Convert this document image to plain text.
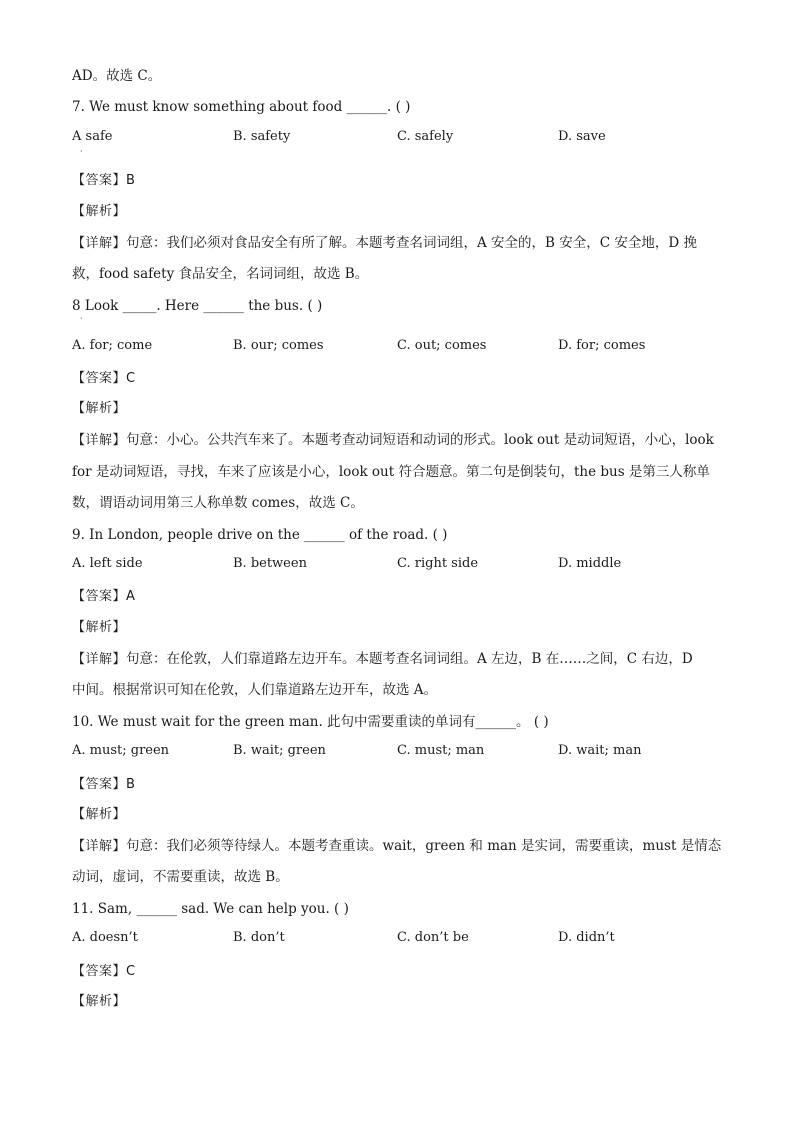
AD。故选 C。
7. We must know something about food ______. ( )
A safe	B. safety	C. safely	D. save
·
【答案】B
【解析】
【详解】句意：我们必须对食品安全有所了解。本题考查名词词组，A 安全的，B 安全，C 安全地，D 挽
救，food safety 食品安全，名词词组，故选 B。
8 Look _____. Here ______ the bus. ( )
·
A. for; come	B. our; comes	C. out; comes	D. for; comes
【答案】C
【解析】
【详解】句意：小心。公共汽车来了。本题考查动词短语和动词的形式。look out 是动词短语，小心，look
for 是动词短语，寻找，车来了应该是小心，look out 符合题意。第二句是倒装句，the bus 是第三人称单
数，谓语动词用第三人称单数 comes，故选 C。
9. In London, people drive on the ______ of the road. ( )
A. left side	B. between	C. right side	D. middle
【答案】A
【解析】
【详解】句意：在伦敦，人们靠道路左边开车。本题考查名词词组。A 左边，B 在……之间，C 右边，D
中间。根据常识可知在伦敦，人们靠道路左边开车，故选 A。
10. We must wait for the green man. 此句中需要重读的单词有______。 ( )
A. must; green	B. wait; green	C. must; man	D. wait; man
【答案】B
【解析】
【详解】句意：我们必须等待绿人。本题考查重读。wait，green 和 man 是实词，需要重读，must 是情态
动词，虚词，不需要重读，故选 B。
11. Sam, ______ sad. We can help you. ( )
A. doesn’t	B. don’t	C. don’t be	D. didn’t
【答案】C
【解析】
